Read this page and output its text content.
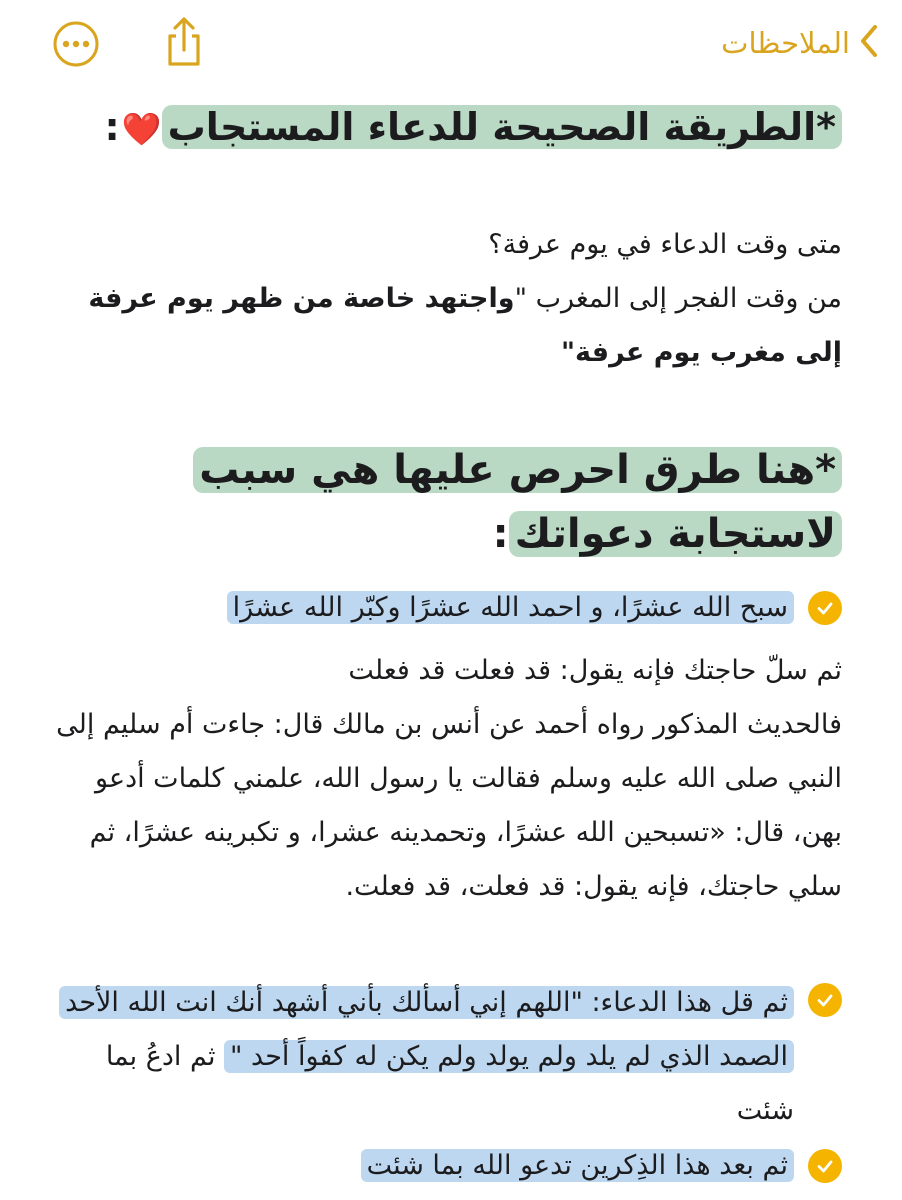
الملاحظات
*الطريقة الصحيحة للدعاء المستجاب❤️:
متى وقت الدعاء في يوم عرفة؟
من وقت الفجر إلى المغرب "واجتهد خاصة من ظهر يوم عرفة إلى مغرب يوم عرفة"
*هنا طرق احرص عليها هي سبب لاستجابة دعواتك:
سبح الله عشرًا، و احمد الله عشرًا وكبّر الله عشرًا
ثم سلّ حاجتك فإنه يقول: قد فعلت قد فعلت
فالحديث المذكور رواه أحمد عن أنس بن مالك قال: جاءت أم سليم إلى النبي صلى الله عليه وسلم فقالت يا رسول الله، علمني كلمات أدعو بهن، قال: «تسبحين الله عشرًا، وتحمدينه عشرا، و تكبرينه عشرًا، ثم سلي حاجتك، فإنه يقول: قد فعلت، قد فعلت.
ثم قل هذا الدعاء: "اللهم إني أسألك بأني أشهد أنك انت الله الأحد الصمد الذي لم يلد ولم يولد ولم يكن له كفواً أحد " ثم ادعُ بما شئت
ثم بعد هذا الذِكرين تدعو الله بما شئت
